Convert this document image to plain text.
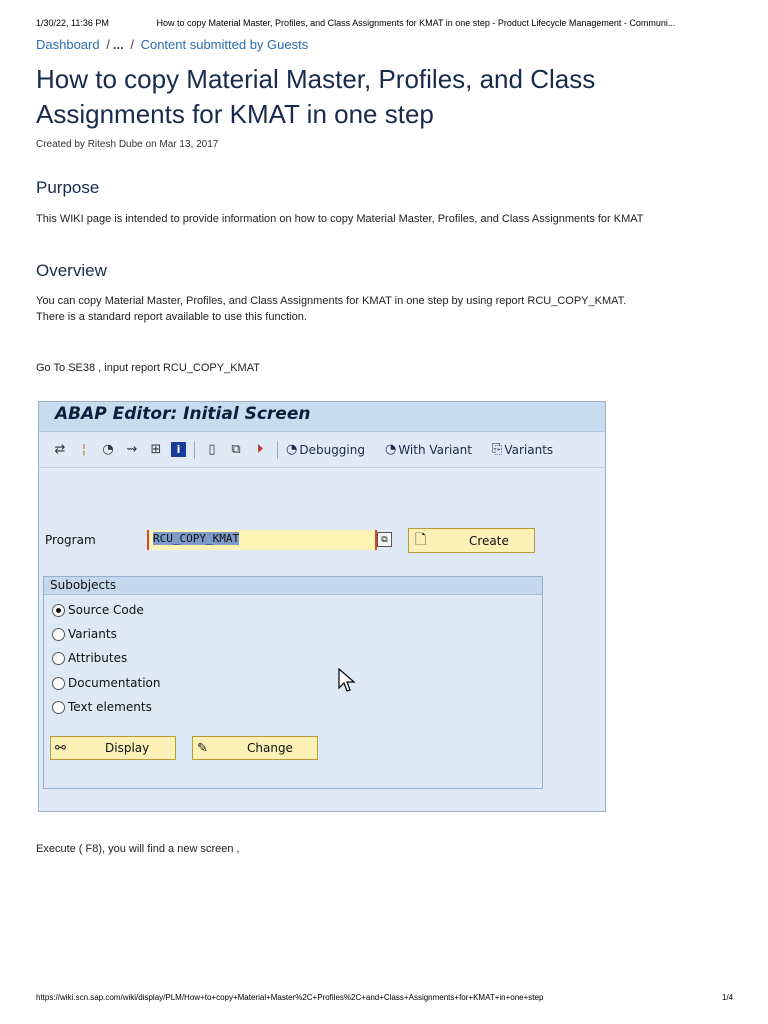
1/30/22, 11:36 PM	How to copy Material Master, Profiles, and Class Assignments for KMAT in one step - Product Lifecycle Management - Communi...
Dashboard / ... / Content submitted by Guests
How to copy Material Master, Profiles, and Class Assignments for KMAT in one step
Created by Ritesh Dube on Mar 13, 2017
Purpose

This WIKI page is intended to provide information on how to copy Material Master, Profiles, and Class Assignments for KMAT

Overview
You can copy Material Master, Profiles, and Class Assignments for KMAT in one step by using report RCU_COPY_KMAT.
There is a standard report available to use this function.

Go To SE38 , input report RCU_COPY_KMAT

ABAP Editor: Initial Screen
⇄	¦	◔ ⇝ ⊞	i	▯	⧉	⏵	◔ Debugging ◔ With Variant ⎘ Variants
Program	RCU_COPY_KMAT	⧉	🗋	Create
Subobjects
Source Code
Variants
Attributes
Documentation
Text elements
⚯	Display	✎	Change

Execute ( F8), you will find a new screen ,

https://wiki.scn.sap.com/wiki/display/PLM/How+to+copy+Material+Master%2C+Profiles%2C+and+Class+Assignments+for+KMAT+in+one+step	1/4
